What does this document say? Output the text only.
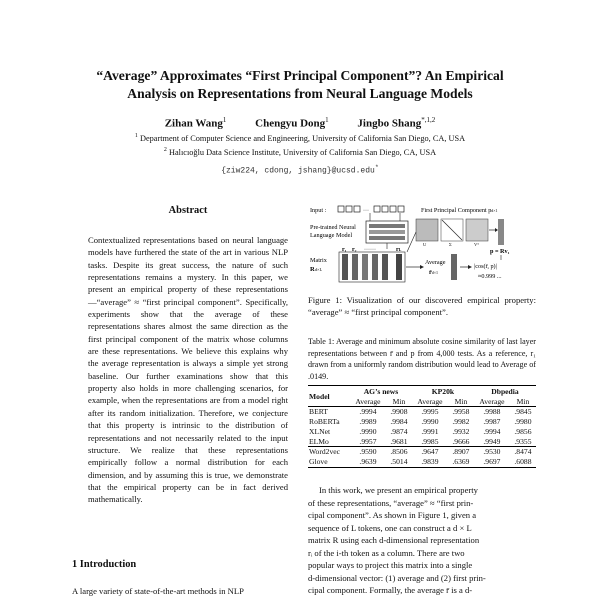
“Average” Approximates “First Principal Component”? An Empirical
Analysis on Representations from Neural Language Models
Zihan Wang$^1$	Chengyu Dong$^1$	Jingbo Shang$^{*,1,2}$
$^1$ Department of Computer Science and Engineering, University of California San Diego, CA, USA
$^2$ Halıcıoğlu Data Science Institute, University of California San Diego, CA, USA
{ziw224, cdong, jshang}@ucsd.edu*
Abstract
Contextualized representations based on neural language models have furthered the state of the art in various NLP tasks. Despite its great success, the nature of such representations remains a mystery. In this paper, we present an empirical property of these representations—“average” ≈ “first principal component”. Specifically, experiments show that the average of these representations shares almost the same direction as the first principal component of the matrix whose columns are these representations. We believe this explains why the average representation is always a simple yet strong baseline. Our further examinations show that this property also holds in more challenging scenarios, for example, when the representations are from a model right after its random initialization. Therefore, we conjecture that this property is intrinsic to the distribution of representations and not necessarily related to the input structure. We realize that these representations empirically follow a normal distribution for each dimension, and by assuming this is true, we demonstrate that the empirical property can be in fact derived mathematically.
1 Introduction
A large variety of state-of-the-art methods in NLP
Input :	···
Pre-trained Neural
Language Model
Matrix
Rd×L
r₁ r₂ ······	rL
Average
r̄d×1
First Principal Component pd×1
U	Σ	Vᵀ
p = Rv₁
|cos(r̄, p)|
≈0.999 ...
Figure 1: Visualization of our discovered empirical property: “average” ≈ “first principal component”.
Table 1: Average and minimum absolute cosine similarity of last layer representations between r̄ and p from 4,000 tests. As a reference, r₁ drawn from a uniformly random distribution would lead to Average of .0149.
Model	AG’s news		KP20k		Dbpedia	
	Average	Min	Average	Min	Average	Min
BERT	.9994	.9908	.9995	.9958	.9988	.9845
RoBERTa	.9989	.9984	.9990	.9982	.9987	.9980
XLNet	.9990	.9874	.9991	.9932	.9994	.9856
ELMo	.9957	.9681	.9985	.9666	.9949	.9355
Word2vec	.9590	.8506	.9647	.8907	.9530	.8474
Glove	.9639	.5014	.9839	.6369	.9697	.6088
In this work, we present an empirical property
of these representations, “average” ≈ “first prin-
cipal component”. As shown in Figure 1, given a
sequence of L tokens, one can construct a d × L
matrix R using each d-dimensional representation
rᵢ of the i-th token as a column. There are two
popular ways to project this matrix into a single
d-dimensional vector: (1) average and (2) first prin-
cipal component. Formally, the average r̄ is a d-
